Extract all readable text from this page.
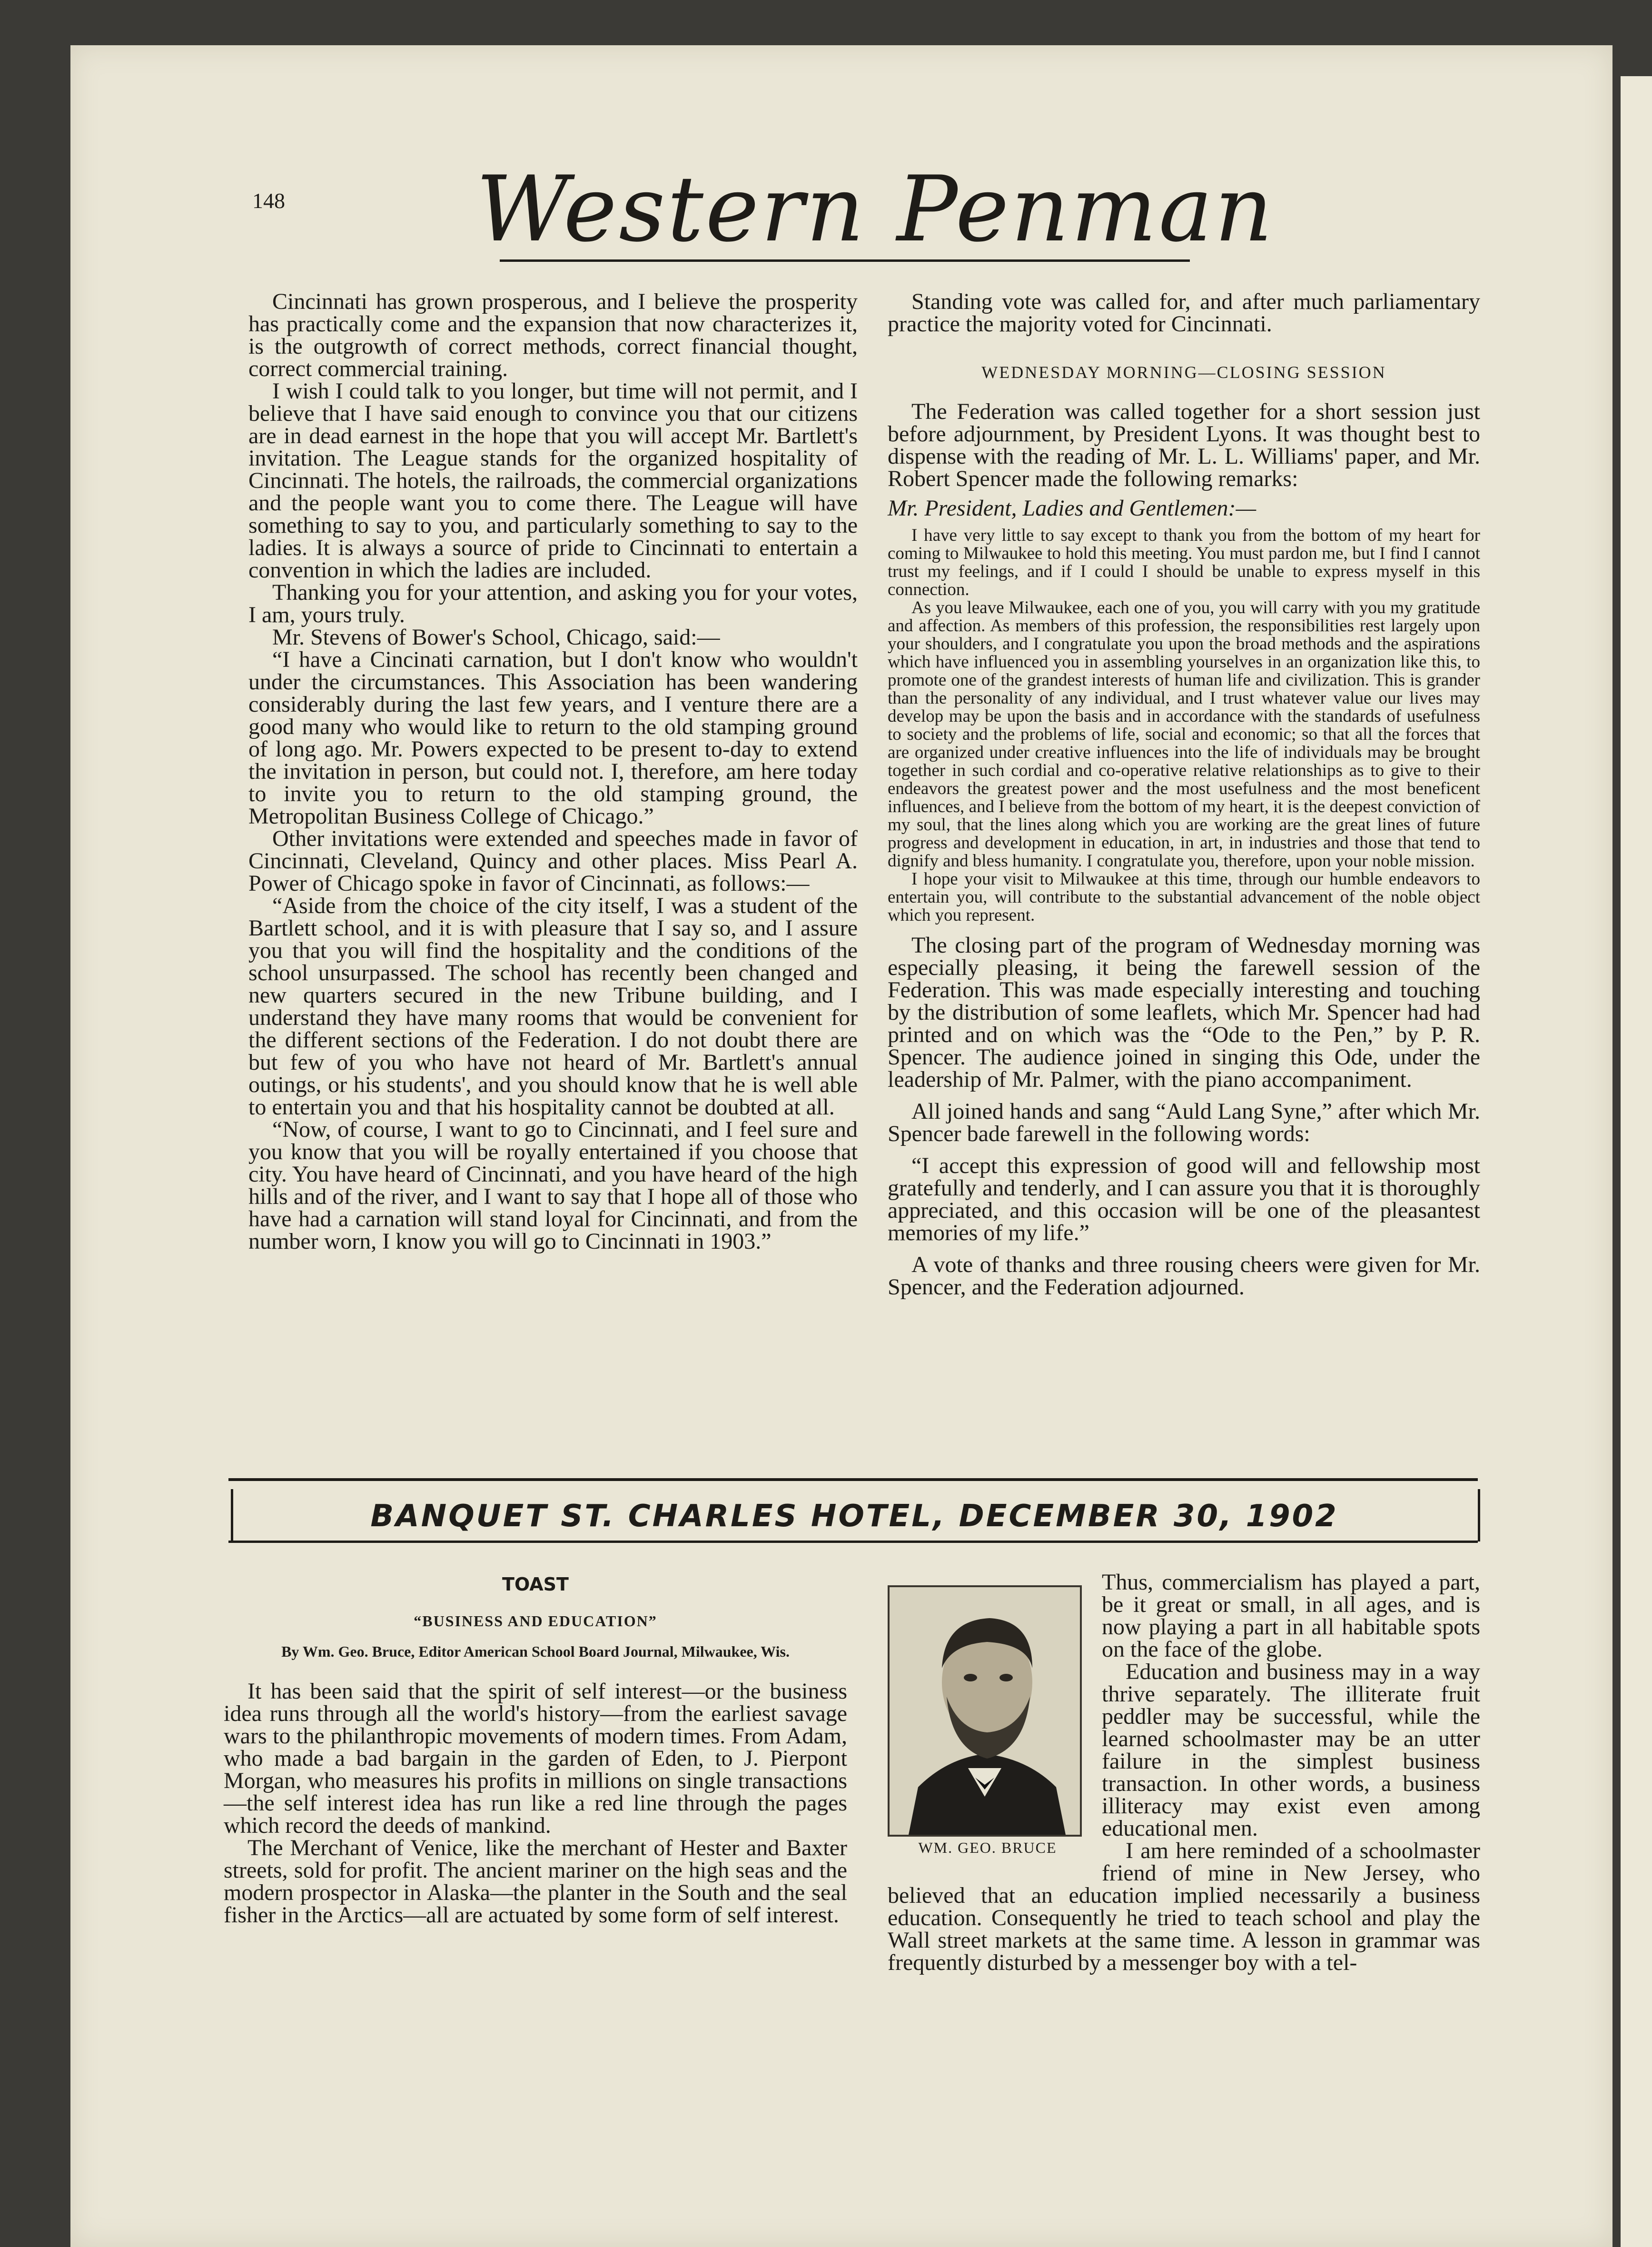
148 Western Penman

Cincinnati has grown prosperous, and I believe the prosperity has practically come and the expansion that now characterizes it, is the outgrowth of correct methods, correct financial thought, correct commercial training.

I wish I could talk to you longer, but time will not permit, and I believe that I have said enough to convince you that our citizens are in dead earnest in the hope that you will accept Mr. Bartlett's invitation. The League stands for the organized hospitality of Cincinnati. The hotels, the railroads, the commercial organizations and the people want you to come there. The League will have something to say to you, and particularly something to say to the ladies. It is always a source of pride to Cincinnati to entertain a convention in which the ladies are included.

Thanking you for your attention, and asking you for your votes, I am, yours truly.

Mr. Stevens of Bower's School, Chicago, said:—

“I have a Cincinati carnation, but I don't know who wouldn't under the circumstances. This Association has been wandering considerably during the last few years, and I venture there are a good many who would like to return to the old stamping ground of long ago. Mr. Powers expected to be present to-day to extend the invitation in person, but could not. I, therefore, am here today to invite you to return to the old stamping ground, the Metropolitan Business College of Chicago.”

Other invitations were extended and speeches made in favor of Cincinnati, Cleveland, Quincy and other places. Miss Pearl A. Power of Chicago spoke in favor of Cincinnati, as follows:—

“Aside from the choice of the city itself, I was a student of the Bartlett school, and it is with pleasure that I say so, and I assure you that you will find the hospitality and the conditions of the school unsurpassed. The school has recently been changed and new quarters secured in the new Tribune building, and I understand they have many rooms that would be convenient for the different sections of the Federation. I do not doubt there are but few of you who have not heard of Mr. Bartlett's annual outings, or his students', and you should know that he is well able to entertain you and that his hospitality cannot be doubted at all.

“Now, of course, I want to go to Cincinnati, and I feel sure and you know that you will be royally entertained if you choose that city. You have heard of Cincinnati, and you have heard of the high hills and of the river, and I want to say that I hope all of those who have had a carnation will stand loyal for Cincinnati, and from the number worn, I know you will go to Cincinnati in 1903.”

Standing vote was called for, and after much parliamentary practice the majority voted for Cincinnati.

WEDNESDAY MORNING—CLOSING SESSION

The Federation was called together for a short session just before adjournment, by President Lyons. It was thought best to dispense with the reading of Mr. L. L. Williams' paper, and Mr. Robert Spencer made the following remarks:

Mr. President, Ladies and Gentlemen:—

I have very little to say except to thank you from the bottom of my heart for coming to Milwaukee to hold this meeting. You must pardon me, but I find I cannot trust my feelings, and if I could I should be unable to express myself in this connection.

As you leave Milwaukee, each one of you, you will carry with you my gratitude and affection. As members of this profession, the responsibilities rest largely upon your shoulders, and I congratulate you upon the broad methods and the aspirations which have influenced you in assembling yourselves in an organization like this, to promote one of the grandest interests of human life and civilization. This is grander than the personality of any individual, and I trust whatever value our lives may develop may be upon the basis and in accordance with the standards of usefulness to society and the problems of life, social and economic; so that all the forces that are organized under creative influences into the life of individuals may be brought together in such cordial and co-operative relative relationships as to give to their endeavors the greatest power and the most usefulness and the most beneficent influences, and I believe from the bottom of my heart, it is the deepest conviction of my soul, that the lines along which you are working are the great lines of future progress and development in education, in art, in industries and those that tend to dignify and bless humanity. I congratulate you, therefore, upon your noble mission.

I hope your visit to Milwaukee at this time, through our humble endeavors to entertain you, will contribute to the substantial advancement of the noble object which you represent.

The closing part of the program of Wednesday morning was especially pleasing, it being the farewell session of the Federation. This was made especially interesting and touching by the distribution of some leaflets, which Mr. Spencer had had printed and on which was the “Ode to the Pen,” by P. R. Spencer. The audience joined in singing this Ode, under the leadership of Mr. Palmer, with the piano accompaniment.

All joined hands and sang “Auld Lang Syne,” after which Mr. Spencer bade farewell in the following words:

“I accept this expression of good will and fellowship most gratefully and tenderly, and I can assure you that it is thoroughly appreciated, and this occasion will be one of the pleasantest memories of my life.”

A vote of thanks and three rousing cheers were given for Mr. Spencer, and the Federation adjourned.

BANQUET ST. CHARLES HOTEL, DECEMBER 30, 1902

TOAST

“BUSINESS AND EDUCATION”

By Wm. Geo. Bruce, Editor American School Board Journal, Milwaukee, Wis.

It has been said that the spirit of self interest—or the business idea runs through all the world's history—from the earliest savage wars to the philanthropic movements of modern times. From Adam, who made a bad bargain in the garden of Eden, to J. Pierpont Morgan, who measures his profits in millions on single transactions—the self interest idea has run like a red line through the pages which record the deeds of mankind.

The Merchant of Venice, like the merchant of Hester and Baxter streets, sold for profit. The ancient mariner on the high seas and the modern prospector in Alaska—the planter in the South and the seal fisher in the Arctics—all are actuated by some form of self interest.

WM. GEO. BRUCE

Thus, commercialism has played a part, be it great or small, in all ages, and is now playing a part in all habitable spots on the face of the globe.

Education and business may in a way thrive separately. The illiterate fruit peddler may be successful, while the learned schoolmaster may be an utter failure in the simplest business transaction. In other words, a business illiteracy may exist even among educational men.

I am here reminded of a schoolmaster friend of mine in New Jersey, who believed that an education implied necessarily a business education. Consequently he tried to teach school and play the Wall street markets at the same time. A lesson in grammar was frequently disturbed by a messenger boy with a tel-
